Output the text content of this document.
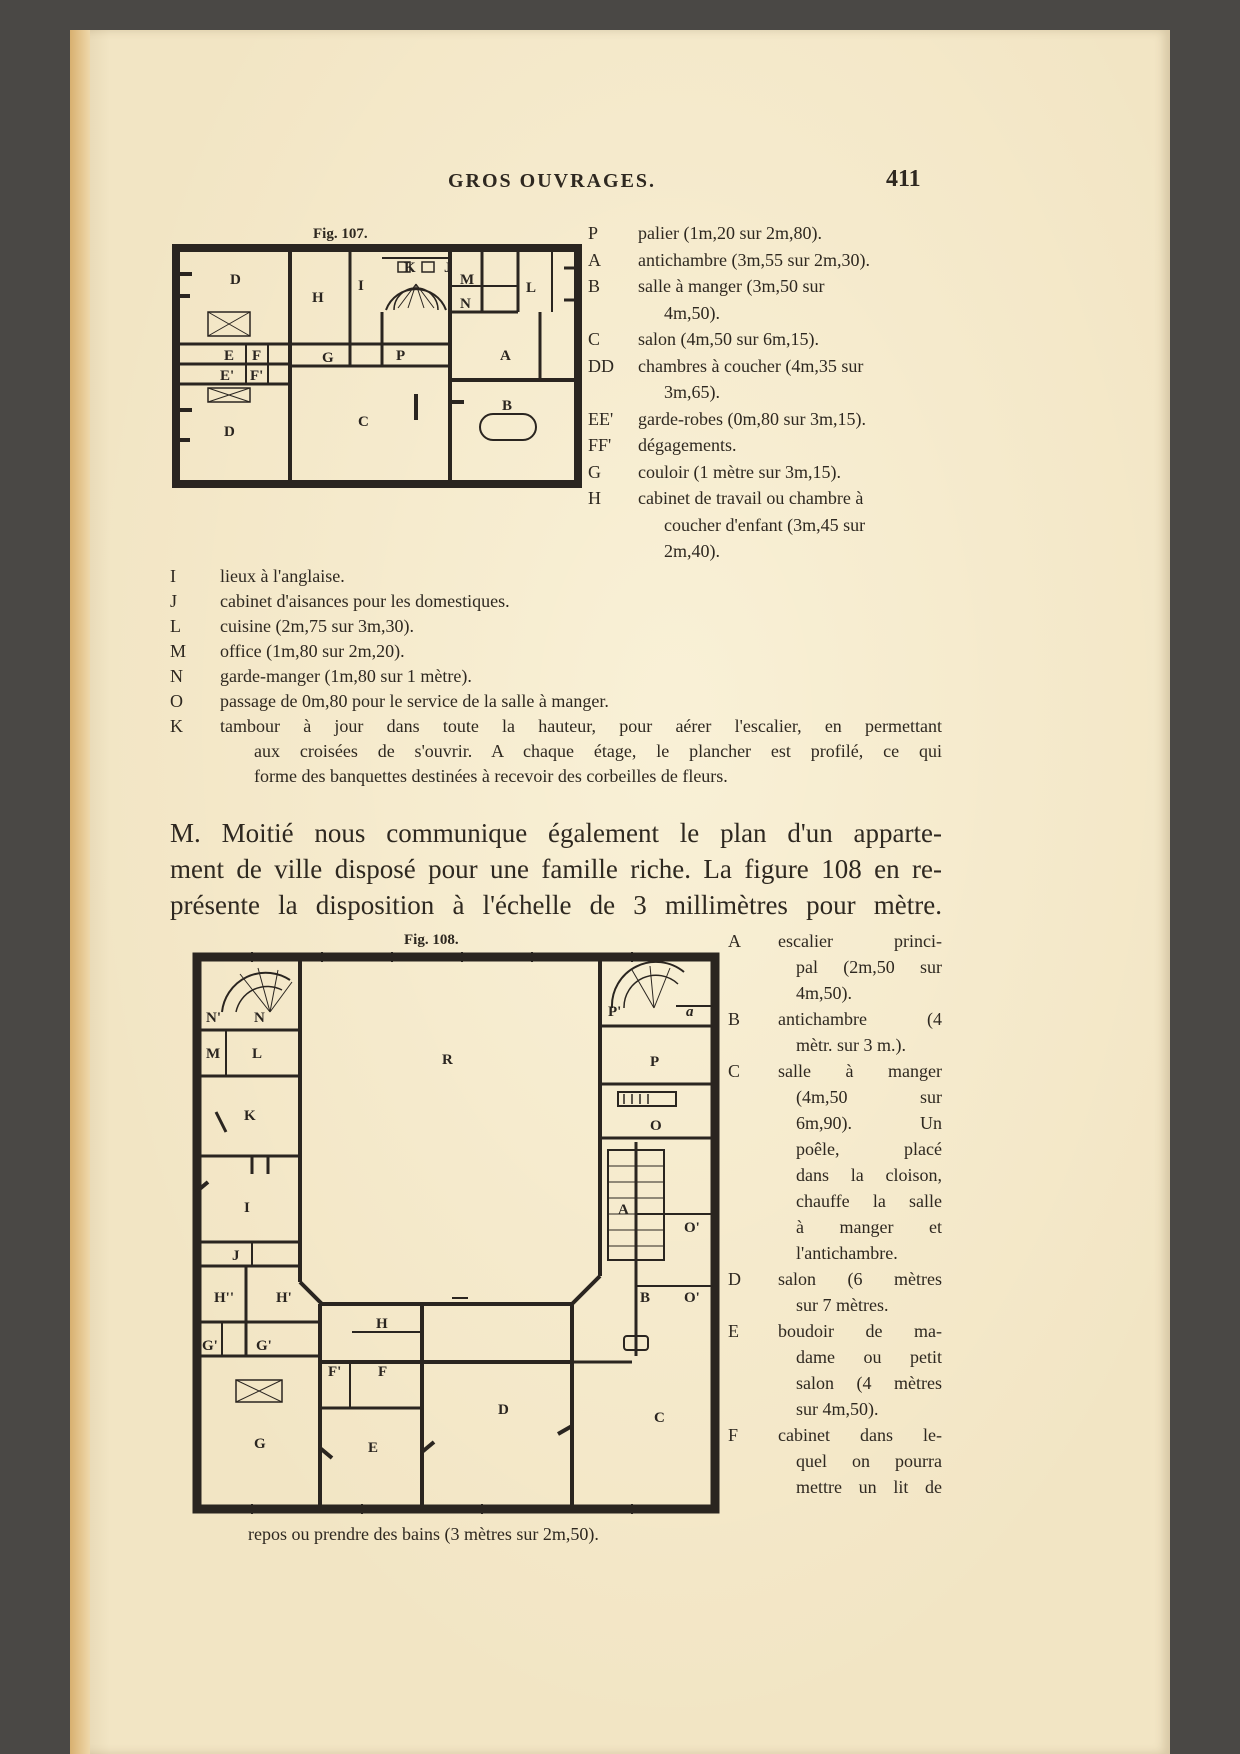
GROS OUVRAGES.	411
Fig. 107.
D
H
I
K J
M	L
N
E F	G	P	A
E' F'
D
C
B
P	palier (1m,20 sur 2m,80).
A	antichambre (3m,55 sur 2m,30).
B	salle à manger (3m,50 sur
4m,50).
C	salon (4m,50 sur 6m,15).
DD	chambres à coucher (4m,35 sur
3m,65).
EE'	garde-robes (0m,80 sur 3m,15).
FF'	dégagements.
G	couloir (1 mètre sur 3m,15).
H	cabinet de travail ou chambre à
coucher d'enfant (3m,45 sur
2m,40).
I	lieux à l'anglaise.
J	cabinet d'aisances pour les domestiques.
L	cuisine (2m,75 sur 3m,30).
M	office (1m,80 sur 2m,20).
N	garde-manger (1m,80 sur 1 mètre).
O	passage de 0m,80 pour le service de la salle à manger.
K	tambour à jour dans toute la hauteur, pour aérer l'escalier, en permettant
aux croisées de s'ouvrir. A chaque étage, le plancher est profilé, ce qui
forme des banquettes destinées à recevoir des corbeilles de fleurs.
M. Moitié nous communique également le plan d'un apparte-
ment de ville disposé pour une famille riche. La figure 108 en re-
présente la disposition à l'échelle de 3 millimètres pour mètre.
Fig. 108.
N' N	P'	a
M L	R	P
K
O
I	A
O'
J
H''	H'	B O'
H
G'	G'
F' F
D	C
G	E
A	escalier princi-
pal (2m,50 sur
4m,50).
B	antichambre (4
mètr. sur 3 m.).
C	salle à manger
(4m,50 sur
6m,90). Un
poêle, placé
dans la cloison,
chauffe la salle
à manger et
l'antichambre.
D	salon (6 mètres
sur 7 mètres.
E	boudoir de ma-
dame ou petit
salon (4 mètres
sur 4m,50).
F	cabinet dans le-
quel on pourra
mettre un lit de
repos ou prendre des bains (3 mètres sur 2m,50).
